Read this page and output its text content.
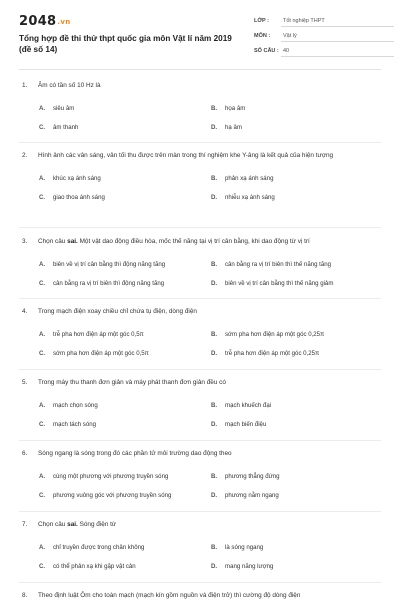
2048.vn
Tổng hợp đề thi thử thpt quốc gia môn Vật lí năm 2019 (đề số 14)
LỚP :	Tốt nghiệp THPT
MÔN : Vật lý
SỐ CÂU : 40
1. Âm có tần số 10 Hz là
A. siêu âm	B. họa âm
C. âm thanh	D. hạ âm
2. Hình ảnh các vân sáng, vân tối thu được trên màn trong thí nghiệm khe Y-âng là kết quả của hiện tượng
A. khúc xạ ánh sáng	B. phản xạ ánh sáng
C. giao thoa ánh sáng	D. nhiễu xạ ánh sáng
3. Chọn câu sai. Một vật dao động điều hòa, mốc thế năng tại vị trí cân bằng, khi dao động từ vị trí
A. biên về vị trí cân bằng thì động năng tăng	B. cân bằng ra vị trí biên thì thế năng tăng
C. cân bằng ra vị trí biên thì động năng tăng	D. biên về vị trí cân bằng thì thế năng giảm
4. Trong mạch điện xoay chiều chỉ chứa tụ điện, dòng điện
A. trễ pha hơn điện áp một góc 0,5π	B. sớm pha hơn điện áp một góc 0,25π
C. sớm pha hơn điện áp một góc 0,5π	D. trễ pha hơn điện áp một góc 0,25π
5. Trong máy thu thanh đơn giản và máy phát thanh đơn giản đều có
A. mạch chọn sóng	B. mạch khuếch đại
C. mạch tách sóng	D. mạch biến điệu
6. Sóng ngang là sóng trong đó các phần tử môi trường dao động theo
A. cùng một phương với phương truyền sóng	B. phương thẳng đứng
C. phương vuông góc với phương truyền sóng	D. phương nằm ngang
7. Chọn câu sai. Sóng điện từ
A. chỉ truyền được trong chân không	B. là sóng ngang
C. có thể phản xạ khi gặp vật cản	D. mang năng lượng
8. Theo định luật Ôm cho toàn mạch (mạch kín gồm nguồn và điện trở) thì cường độ dòng điện
